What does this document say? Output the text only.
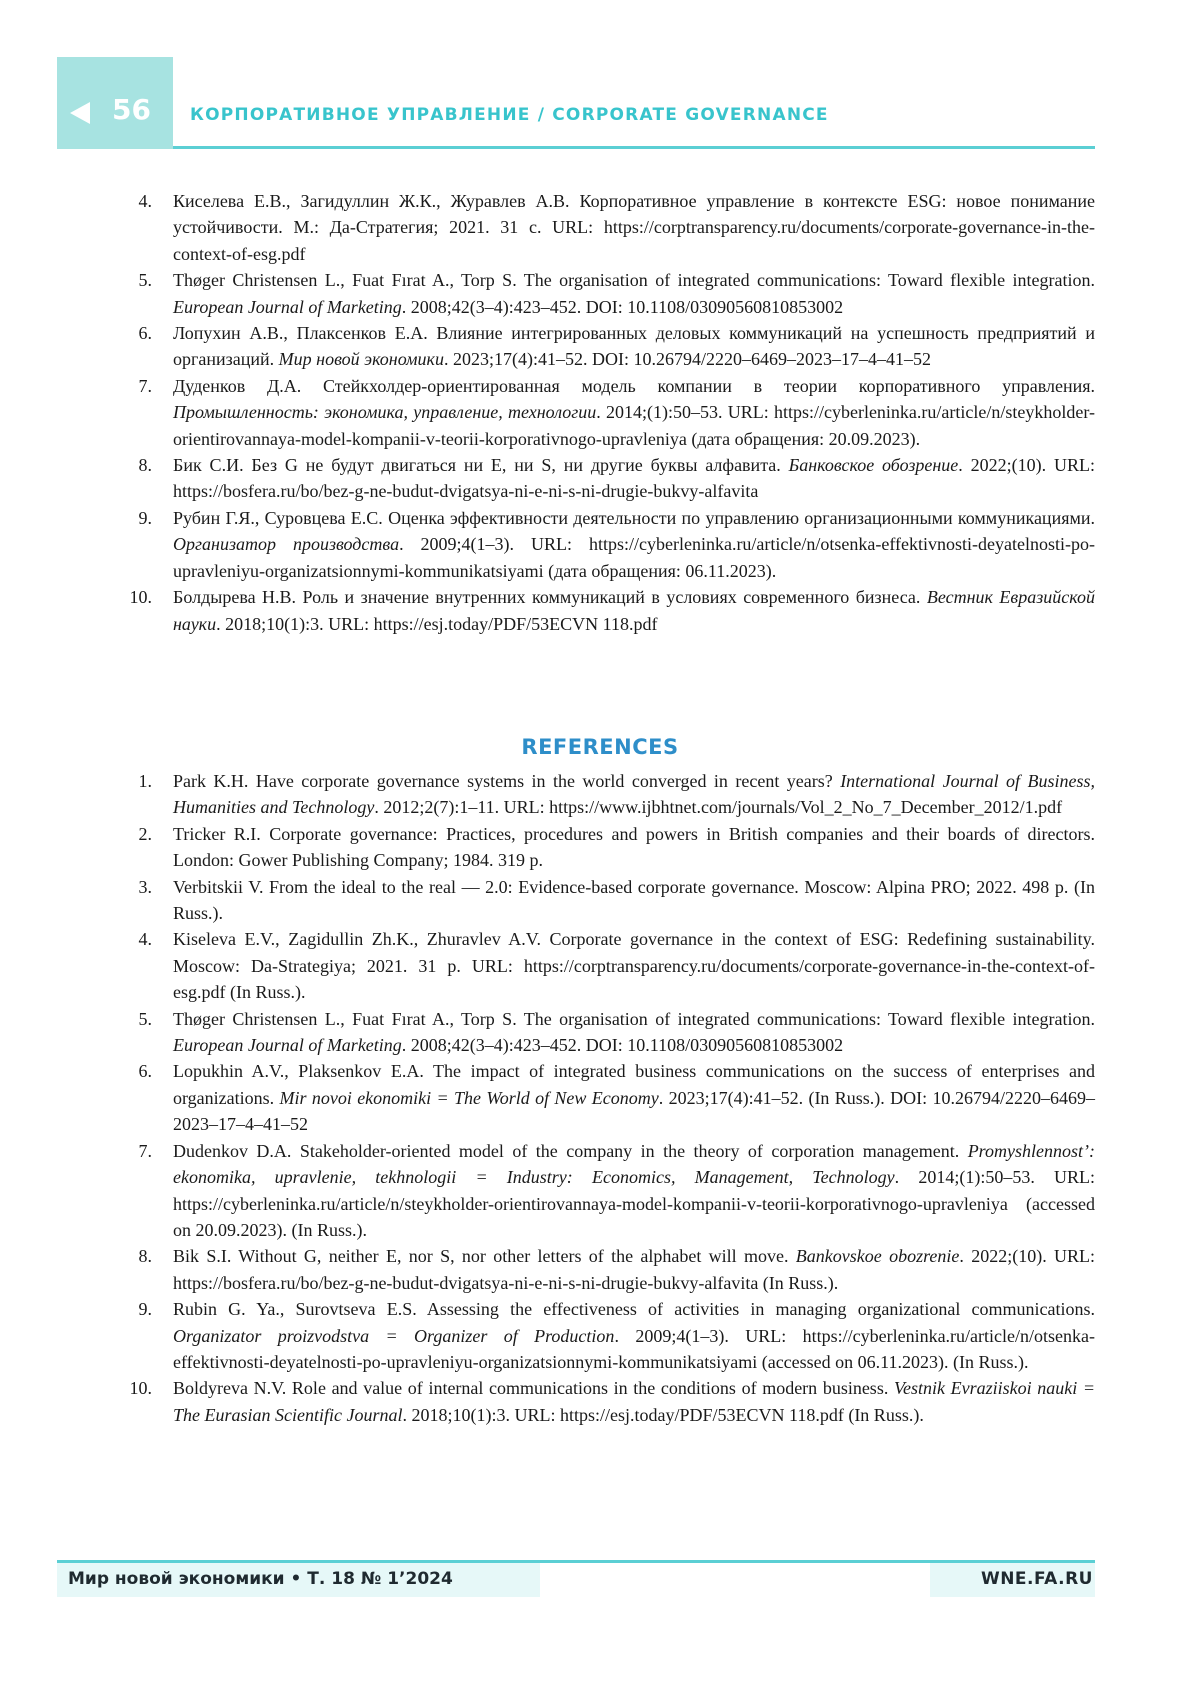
56 КОРПОРАТИВНОЕ УПРАВЛЕНИЕ / CORPORATE GOVERNANCE
4. Киселева Е.В., Загидуллин Ж.К., Журавлев А.В. Корпоративное управление в контексте ESG: новое понимание устойчивости. М.: Да-Стратегия; 2021. 31 с. URL: https://corptransparency.ru/documents/corporate-governance-in-the-context-of-esg.pdf
5. Thøger Christensen L., Fuat Fırat A., Torp S. The organisation of integrated communications: Toward flexible integration. European Journal of Marketing. 2008;42(3–4):423–452. DOI: 10.1108/03090560810853002
6. Лопухин А.В., Плаксенков Е.А. Влияние интегрированных деловых коммуникаций на успешность предприятий и организаций. Мир новой экономики. 2023;17(4):41–52. DOI: 10.26794/2220–6469–2023–17–4–41–52
7. Дуденков Д.А. Стейкхолдер-ориентированная модель компании в теории корпоративного управления. Промышленность: экономика, управление, технологии. 2014;(1):50–53. URL: https://cyberleninka.ru/article/n/steykholder-orientirovannaya-model-kompanii-v-teorii-korporativnogo-upravleniya (дата обращения: 20.09.2023).
8. Бик С.И. Без G не будут двигаться ни E, ни S, ни другие буквы алфавита. Банковское обозрение. 2022;(10). URL: https://bosfera.ru/bo/bez-g-ne-budut-dvigatsya-ni-e-ni-s-ni-drugie-bukvy-alfavita
9. Рубин Г.Я., Суровцева Е.С. Оценка эффективности деятельности по управлению организационными коммуникациями. Организатор производства. 2009;4(1–3). URL: https://cyberleninka.ru/article/n/otsenka-effektivnosti-deyatelnosti-po-upravleniyu-organizatsionnymi-kommunikatsiyami (дата обращения: 06.11.2023).
10. Болдырева Н.В. Роль и значение внутренних коммуникаций в условиях современного бизнеса. Вестник Евразийской науки. 2018;10(1):3. URL: https://esj.today/PDF/53ECVN 118.pdf
REFERENCES
1. Park K.H. Have corporate governance systems in the world converged in recent years? International Journal of Business, Humanities and Technology. 2012;2(7):1–11. URL: https://www.ijbhtnet.com/journals/Vol_2_No_7_December_2012/1.pdf
2. Tricker R.I. Corporate governance: Practices, procedures and powers in British companies and their boards of directors. London: Gower Publishing Company; 1984. 319 p.
3. Verbitskii V. From the ideal to the real — 2.0: Evidence-based corporate governance. Moscow: Alpina PRO; 2022. 498 p. (In Russ.).
4. Kiseleva E.V., Zagidullin Zh.K., Zhuravlev A.V. Corporate governance in the context of ESG: Redefining sustainability. Moscow: Da-Strategiya; 2021. 31 p. URL: https://corptransparency.ru/documents/corporate-governance-in-the-context-of-esg.pdf (In Russ.).
5. Thøger Christensen L., Fuat Fırat A., Torp S. The organisation of integrated communications: Toward flexible integration. European Journal of Marketing. 2008;42(3–4):423–452. DOI: 10.1108/03090560810853002
6. Lopukhin A.V., Plaksenkov E.A. The impact of integrated business communications on the success of enterprises and organizations. Mir novoi ekonomiki = The World of New Economy. 2023;17(4):41–52. (In Russ.). DOI: 10.26794/2220–6469–2023–17–4–41–52
7. Dudenkov D.A. Stakeholder-oriented model of the company in the theory of corporation management. Promyshlennost’: ekonomika, upravlenie, tekhnologii = Industry: Economics, Management, Technology. 2014;(1):50–53. URL: https://cyberleninka.ru/article/n/steykholder-orientirovannaya-model-kompanii-v-teorii-korporativnogo-upravleniya (accessed on 20.09.2023). (In Russ.).
8. Bik S.I. Without G, neither E, nor S, nor other letters of the alphabet will move. Bankovskoe obozrenie. 2022;(10). URL: https://bosfera.ru/bo/bez-g-ne-budut-dvigatsya-ni-e-ni-s-ni-drugie-bukvy-alfavita (In Russ.).
9. Rubin G. Ya., Surovtseva E.S. Assessing the effectiveness of activities in managing organizational communications. Organizator proizvodstva = Organizer of Production. 2009;4(1–3). URL: https://cyberleninka.ru/article/n/otsenka-effektivnosti-deyatelnosti-po-upravleniyu-organizatsionnymi-kommunikatsiyami (accessed on 06.11.2023). (In Russ.).
10. Boldyreva N.V. Role and value of internal communications in the conditions of modern business. Vestnik Evraziiskoi nauki = The Eurasian Scientific Journal. 2018;10(1):3. URL: https://esj.today/PDF/53ECVN 118.pdf (In Russ.).
Мир новой экономики • Т. 18 № 1’2024	WNE.FA.RU
